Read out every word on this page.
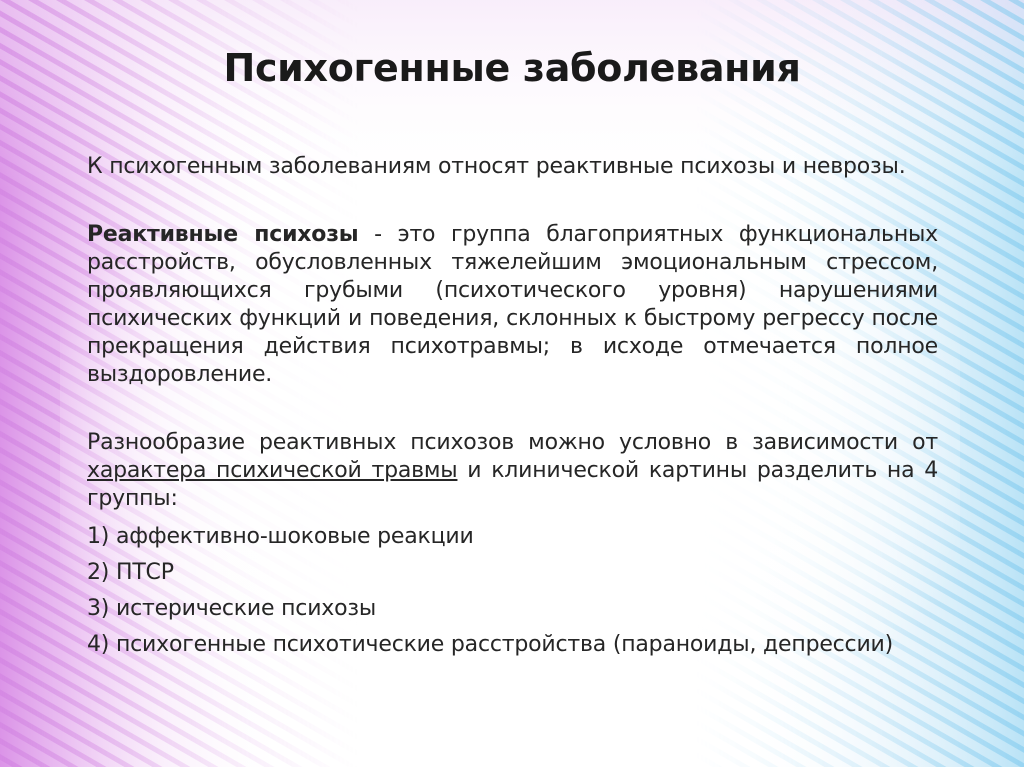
Психогенные заболевания

К психогенным заболеваниям относят реактивные психозы и неврозы.

Реактивные психозы - это группа благоприятных функциональных расстройств, обусловленных тяжелейшим эмоциональным стрессом, проявляющихся грубыми (психотического уровня) нарушениями психических функций и поведения, склонных к быстрому регрессу после прекращения действия психотравмы; в исходе отмечается полное выздоровление.

Разнообразие реактивных психозов можно условно в зависимости от характера психической травмы и клинической картины разделить на 4 группы:

1) аффективно-шоковые реакции

2) ПТСР

3) истерические психозы

4) психогенные психотические расстройства (параноиды, депрессии)
